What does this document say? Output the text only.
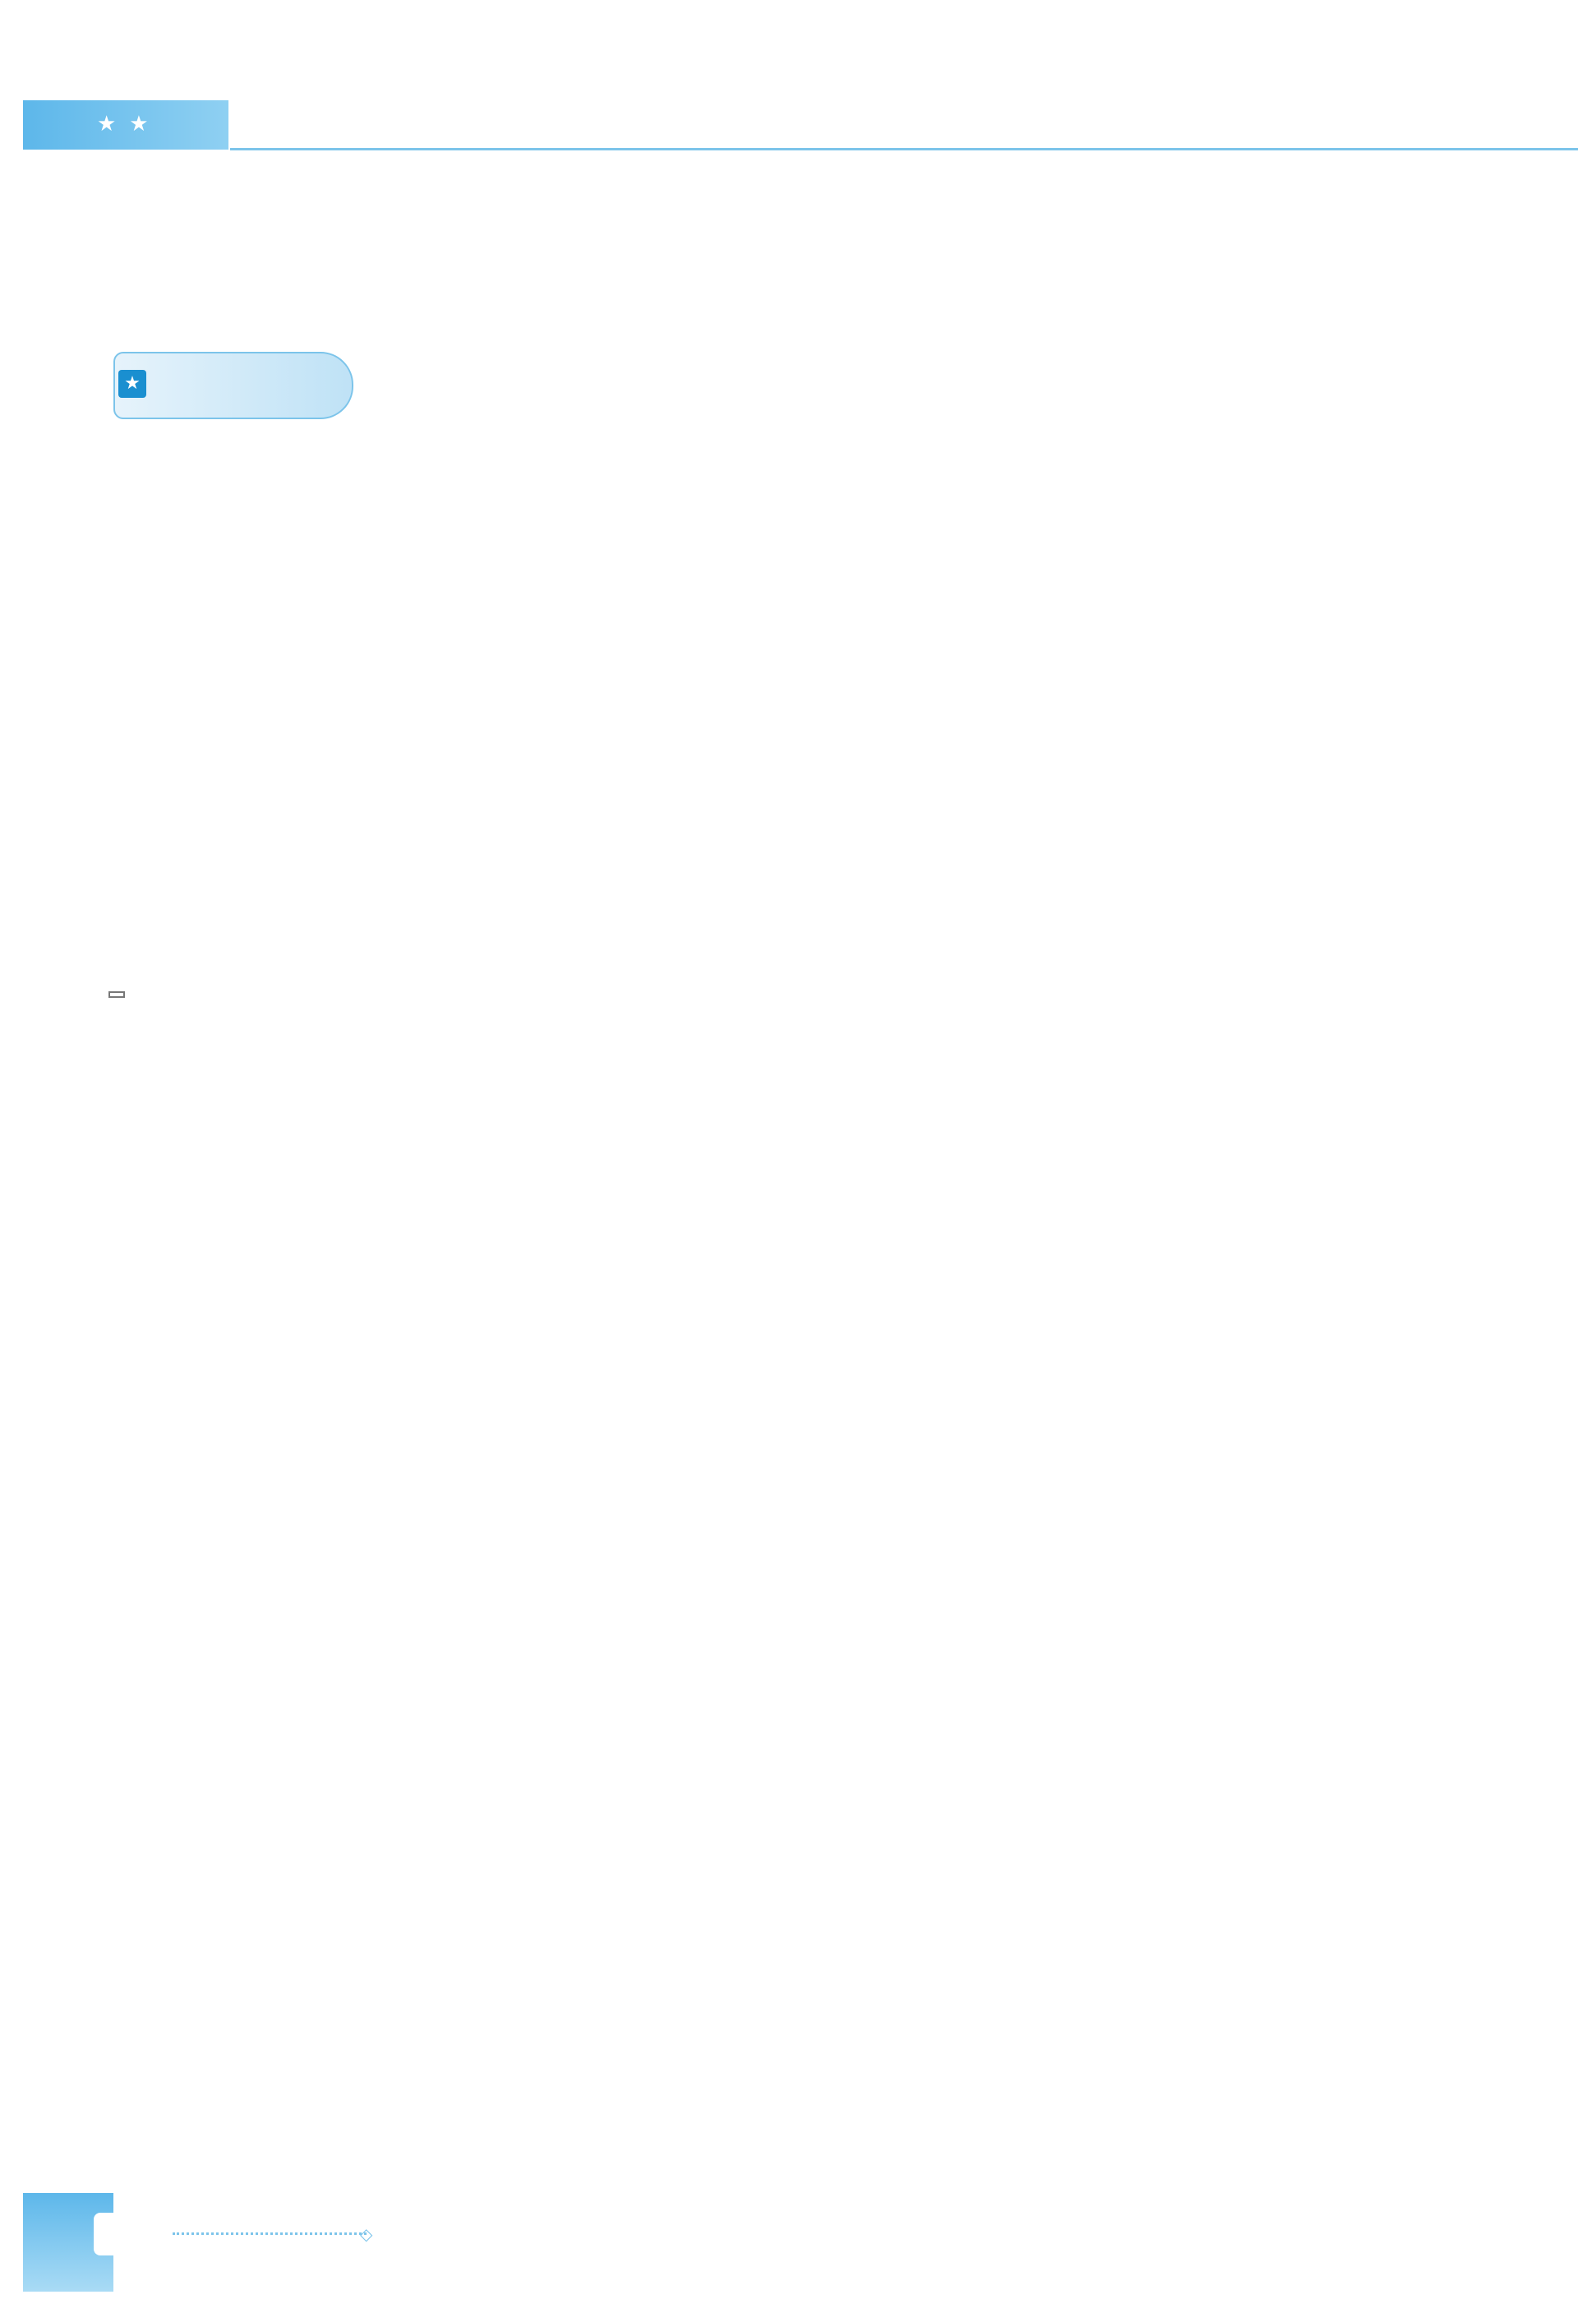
★★
★
◇
